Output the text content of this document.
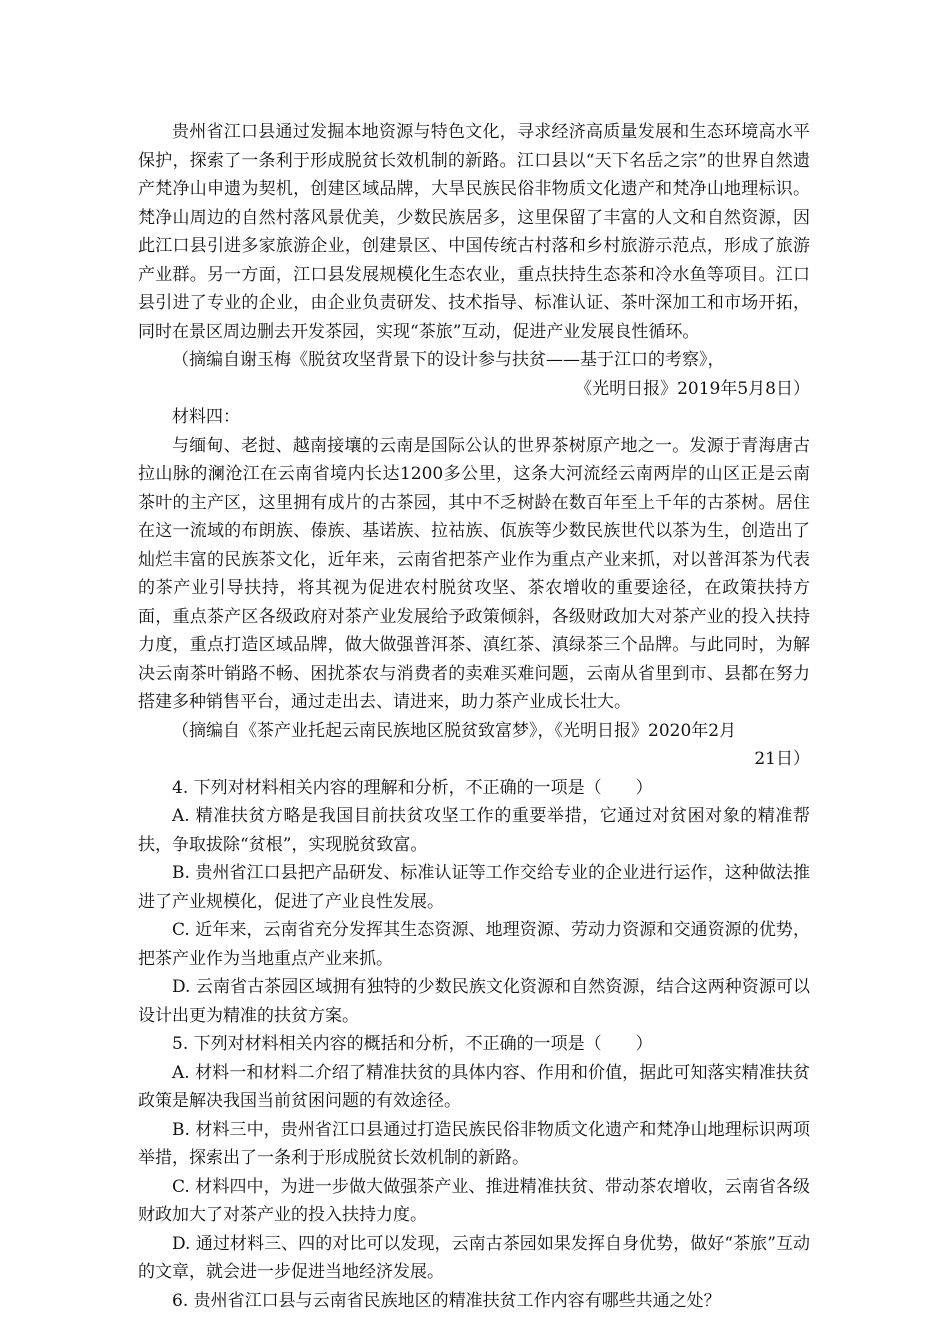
贵州省江口县通过发掘本地资源与特色文化，寻求经济高质量发展和生态环境高水平保护，探索了一条利于形成脱贫长效机制的新路。江口县以“天下名岳之宗”的世界自然遗产梵净山申遗为契机，创建区域品牌，大旱民族民俗非物质文化遗产和梵净山地理标识。梵净山周边的自然村落风景优美，少数民族居多，这里保留了丰富的人文和自然资源，因此江口县引进多家旅游企业，创建景区、中国传统古村落和乡村旅游示范点，形成了旅游产业群。另一方面，江口县发展规模化生态农业，重点扶持生态茶和冷水鱼等项目。江口县引进了专业的企业，由企业负责研发、技术指导、标准认证、茶叶深加工和市场开拓，同时在景区周边删去开发茶园，实现“茶旅”互动，促进产业发展良性循环。

（摘编自谢玉梅《脱贫攻坚背景下的设计参与扶贫——基于江口的考察》，

《光明日报》2019年5月8日）

材料四：

与缅甸、老挝、越南接壤的云南是国际公认的世界茶树原产地之一。发源于青海唐古拉山脉的澜沧江在云南省境内长达1200多公里，这条大河流经云南两岸的山区正是云南茶叶的主产区，这里拥有成片的古茶园，其中不乏树龄在数百年至上千年的古茶树。居住在这一流域的布朗族、傣族、基诺族、拉祜族、佤族等少数民族世代以茶为生，创造出了灿烂丰富的民族茶文化，近年来，云南省把茶产业作为重点产业来抓，对以普洱茶为代表的茶产业引导扶持，将其视为促进农村脱贫攻坚、茶农增收的重要途径，在政策扶持方面，重点茶产区各级政府对茶产业发展给予政策倾斜，各级财政加大对茶产业的投入扶持力度，重点打造区域品牌，做大做强普洱茶、滇红茶、滇绿茶三个品牌。与此同时，为解决云南茶叶销路不畅、困扰茶农与消费者的卖难买难问题，云南从省里到市、县都在努力搭建多种销售平台，通过走出去、请进来，助力茶产业成长壮大。

（摘编自《茶产业托起云南民族地区脱贫致富梦》，《光明日报》2020年2月

21日）

4. 下列对材料相关内容的理解和分析，不正确的一项是（　　）

A. 精准扶贫方略是我国目前扶贫攻坚工作的重要举措，它通过对贫困对象的精准帮扶，争取拔除“贫根”，实现脱贫致富。

B. 贵州省江口县把产品研发、标准认证等工作交给专业的企业进行运作，这种做法推进了产业规模化，促进了产业良性发展。

C. 近年来，云南省充分发挥其生态资源、地理资源、劳动力资源和交通资源的优势，把茶产业作为当地重点产业来抓。

D. 云南省古茶园区域拥有独特的少数民族文化资源和自然资源，结合这两种资源可以设计出更为精准的扶贫方案。

5. 下列对材料相关内容的概括和分析，不正确的一项是（　　）

A. 材料一和材料二介绍了精准扶贫的具体内容、作用和价值，据此可知落实精准扶贫政策是解决我国当前贫困问题的有效途径。

B. 材料三中，贵州省江口县通过打造民族民俗非物质文化遗产和梵净山地理标识两项举措，探索出了一条利于形成脱贫长效机制的新路。

C. 材料四中，为进一步做大做强茶产业、推进精准扶贫、带动茶农增收，云南省各级财政加大了对茶产业的投入扶持力度。

D. 通过材料三、四的对比可以发现，云南古茶园如果发挥自身优势，做好“茶旅”互动的文章，就会进一步促进当地经济发展。

6. 贵州省江口县与云南省民族地区的精准扶贫工作内容有哪些共通之处？
